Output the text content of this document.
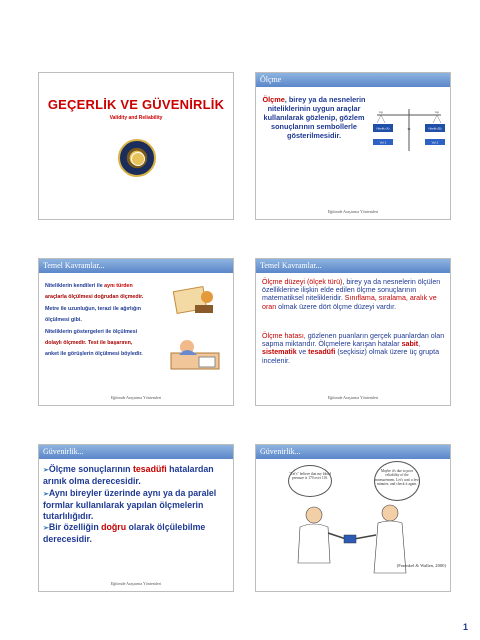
GEÇERLİK VE GÜVENİRLİK
Validity and Reliability
Ölçme
Ölçme, birey ya da nesnelerin niteliklerinin uygun araçlar kullanılarak gözlenip, gözlem sonuçlarının sembollerle gösterilmesidir.
kg	kg
Nitelik (A)	Nitelik (B)
=
Vol 1	Vol 2
Eğitimde Araştırma Yöntemleri
Temel Kavramlar...
Niteliklerin kendileri ile aynı türden
araçlarla ölçülmesi doğrudan ölçmedir.
Metre ile uzunluğun, terazi ile ağırlığın
ölçülmesi gibi.
Niteliklerin göstergeleri ile ölçülmesi
dolaylı ölçmedir. Test ile başarının,
anket ile görüşlerin ölçülmesi böyledir.
Eğitimde Araştırma Yöntemleri
Temel Kavramlar...
Ölçme düzeyi (ölçek türü), birey ya da nesnelerin ölçülen özelliklerine ilişkin elde edilen ölçme sonuçlarının matematiksel nitelikleridir. Sınıflama, sıralama, aralık ve oran olmak üzere dört ölçme düzeyi vardır.
Ölçme hatası, gözlenen puanların gerçek puanlardan olan sapma miktarıdır. Ölçmelere karışan hatalar sabit, sistematik ve tesadüfi (seçkisiz) olmak üzere üç grupta incelenir.
Eğitimde Araştırma Yöntemleri
Güvenirlik...
➢Ölçme sonuçlarının tesadüfi hatalardan arınık olma derecesidir.
➢Aynı bireyler üzerinde aynı ya da paralel formlar kullanılarak yapılan ölçmelerin tutarlılığıdır.
➢Bir özelliğin doğru olarak ölçülebilme derecesidir.
Eğitimde Araştırma Yöntemleri
Güvenirlik...
"Let's" believe that my blood pressure is 170 over 110.
Maybe it's due to poor reliability of the measurement. Let's wait a few minutes, and check it again.
(Fraenkel & Wallen, 2000)
1
